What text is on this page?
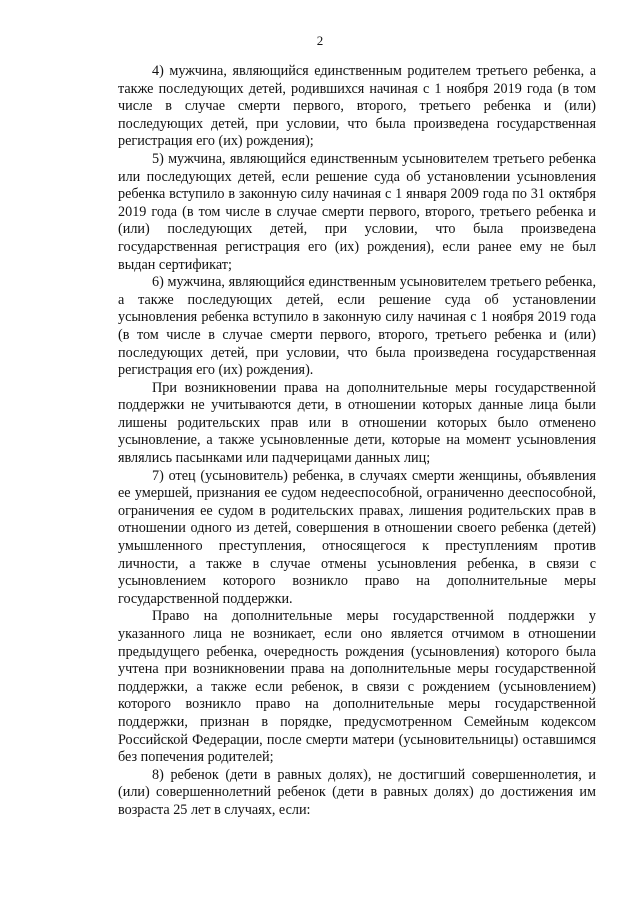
2

4) мужчина, являющийся единственным родителем третьего ребенка, а также последующих детей, родившихся начиная с 1 ноября 2019 года (в том числе в случае смерти первого, второго, третьего ребенка и (или) последующих детей, при условии, что была произведена государственная регистрация его (их) рождения);

5) мужчина, являющийся единственным усыновителем третьего ребенка или последующих детей, если решение суда об установлении усыновления ребенка вступило в законную силу начиная с 1 января 2009 года по 31 октября 2019 года (в том числе в случае смерти первого, второго, третьего ребенка и (или) последующих детей, при условии, что была произведена государственная регистрация его (их) рождения), если ранее ему не был выдан сертификат;

6) мужчина, являющийся единственным усыновителем третьего ребенка, а также последующих детей, если решение суда об установлении усыновления ребенка вступило в законную силу начиная с 1 ноября 2019 года (в том числе в случае смерти первого, второго, третьего ребенка и (или) последующих детей, при условии, что была произведена государственная регистрация его (их) рождения).

При возникновении права на дополнительные меры государственной поддержки не учитываются дети, в отношении которых данные лица были лишены родительских прав или в отношении которых было отменено усыновление, а также усыновленные дети, которые на момент усыновления являлись пасынками или падчерицами данных лиц;

7) отец (усыновитель) ребенка, в случаях смерти женщины, объявления ее умершей, признания ее судом недееспособной, ограниченно дееспособной, ограничения ее судом в родительских правах, лишения родительских прав в отношении одного из детей, совершения в отношении своего ребенка (детей) умышленного преступления, относящегося к преступлениям против личности, а также в случае отмены усыновления ребенка, в связи с усыновлением которого возникло право на дополнительные меры государственной поддержки.

Право на дополнительные меры государственной поддержки у указанного лица не возникает, если оно является отчимом в отношении предыдущего ребенка, очередность рождения (усыновления) которого была учтена при возникновении права на дополнительные меры государственной поддержки, а также если ребенок, в связи с рождением (усыновлением) которого возникло право на дополнительные меры государственной поддержки, признан в порядке, предусмотренном Семейным кодексом Российской Федерации, после смерти матери (усыновительницы) оставшимся без попечения родителей;

8) ребенок (дети в равных долях), не достигший совершеннолетия, и (или) совершеннолетний ребенок (дети в равных долях) до достижения им возраста 25 лет в случаях, если:
